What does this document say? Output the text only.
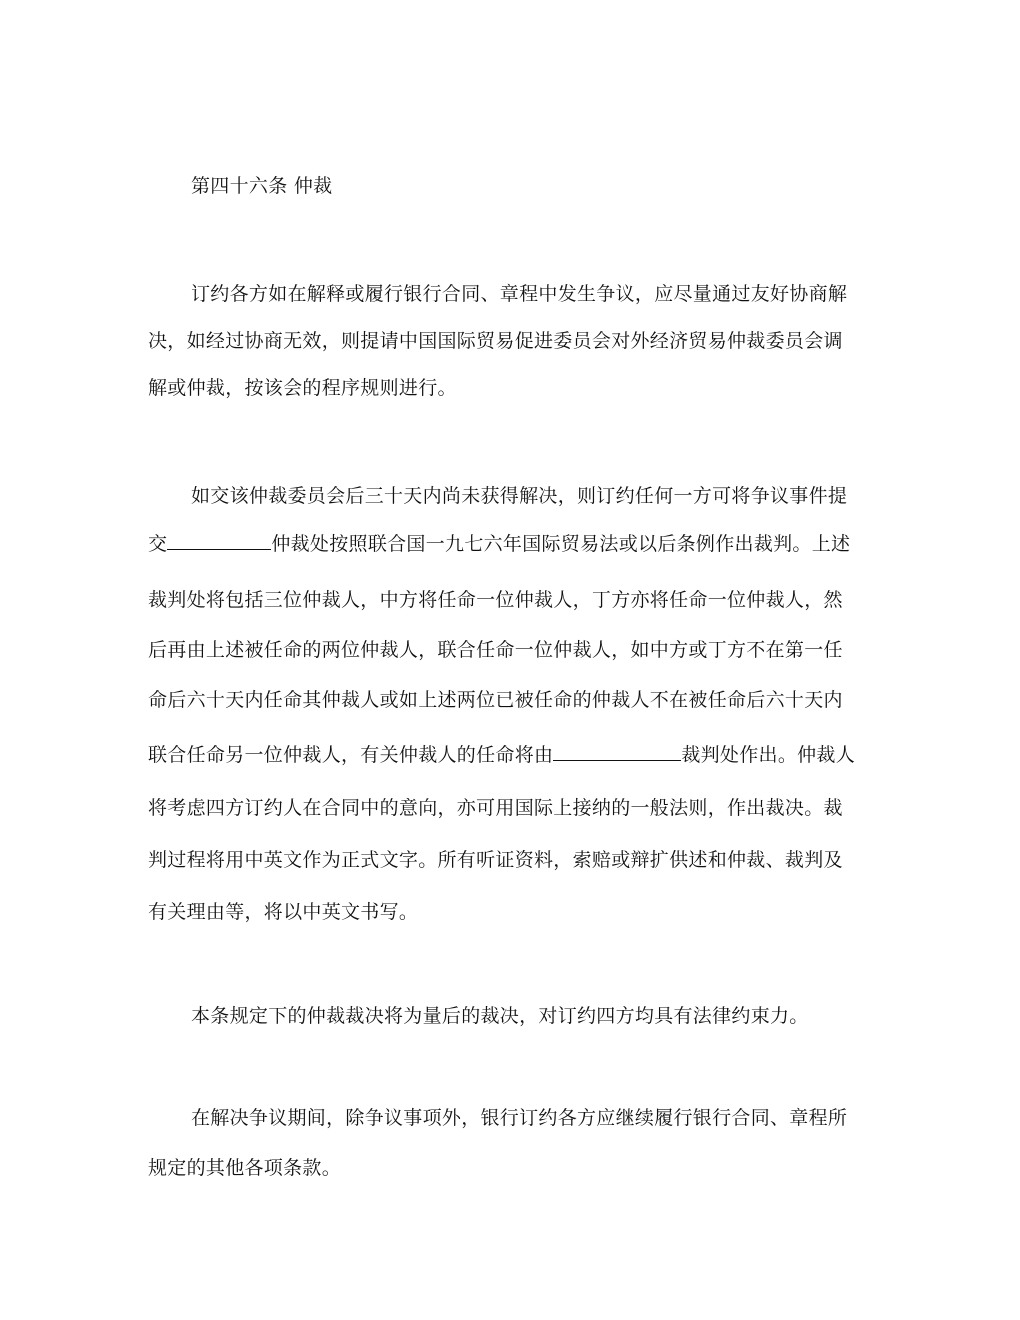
第四十六条 仲裁
订约各方如在解释或履行银行合同、章程中发生争议，应尽量通过友好协商解
决，如经过协商无效，则提请中国国际贸易促进委员会对外经济贸易仲裁委员会调
解或仲裁，按该会的程序规则进行。
如交该仲裁委员会后三十天内尚未获得解决，则订约任何一方可将争议事件提
交	仲裁处按照联合国一九七六年国际贸易法或以后条例作出裁判。上述
裁判处将包括三位仲裁人，中方将任命一位仲裁人，丁方亦将任命一位仲裁人，然
后再由上述被任命的两位仲裁人，联合任命一位仲裁人，如中方或丁方不在第一任
命后六十天内任命其仲裁人或如上述两位已被任命的仲裁人不在被任命后六十天内
联合任命另一位仲裁人，有关仲裁人的任命将由	裁判处作出。仲裁人
将考虑四方订约人在合同中的意向，亦可用国际上接纳的一般法则，作出裁决。裁
判过程将用中英文作为正式文字。所有听证资料，索赔或辩扩供述和仲裁、裁判及
有关理由等，将以中英文书写。
本条规定下的仲裁裁决将为量后的裁决，对订约四方均具有法律约束力。
在解决争议期间，除争议事项外，银行订约各方应继续履行银行合同、章程所
规定的其他各项条款。
